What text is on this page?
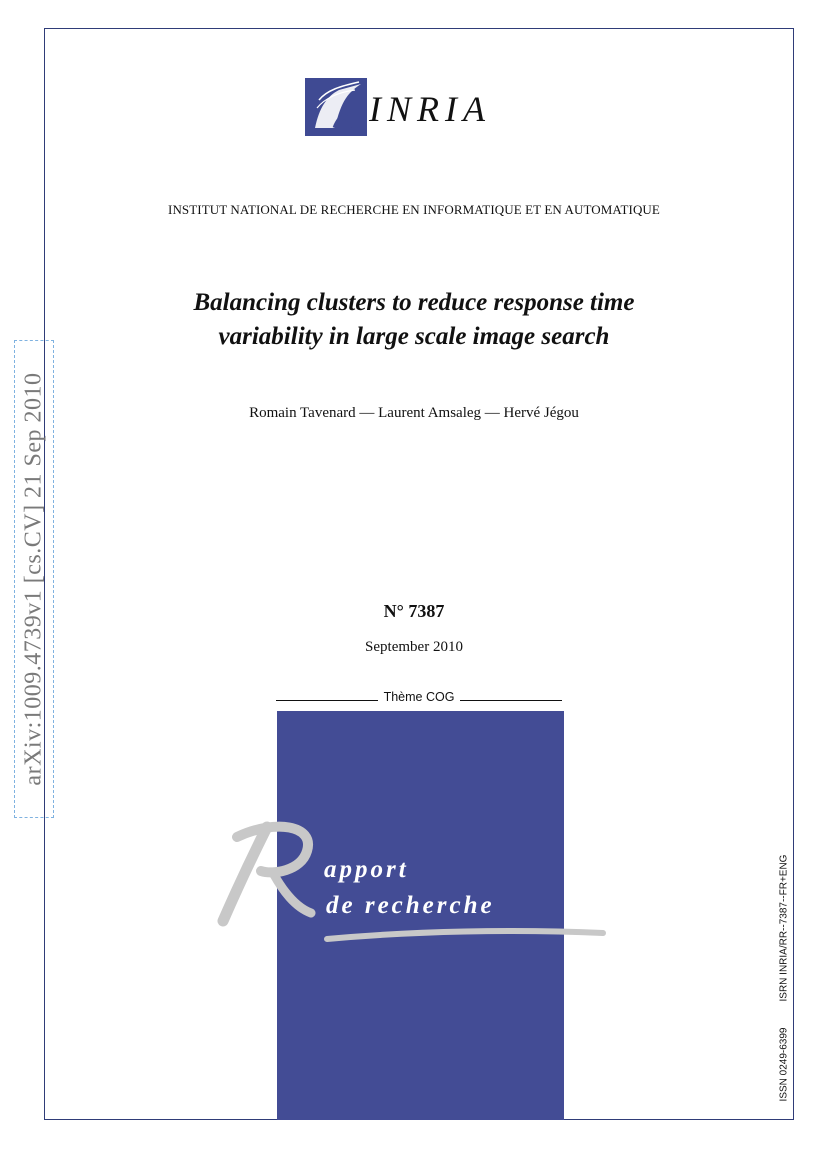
INRIA
INSTITUT NATIONAL DE RECHERCHE EN INFORMATIQUE ET EN AUTOMATIQUE
Balancing clusters to reduce response time
variability in large scale image search
Romain Tavenard — Laurent Amsaleg — Hervé Jégou
N° 7387
September 2010
Thème COG
apport
de recherche
arXiv:1009.4739v1 [cs.CV] 21 Sep 2010
ISSN 0249-6399ISRN INRIA/RR--7387--FR+ENG
